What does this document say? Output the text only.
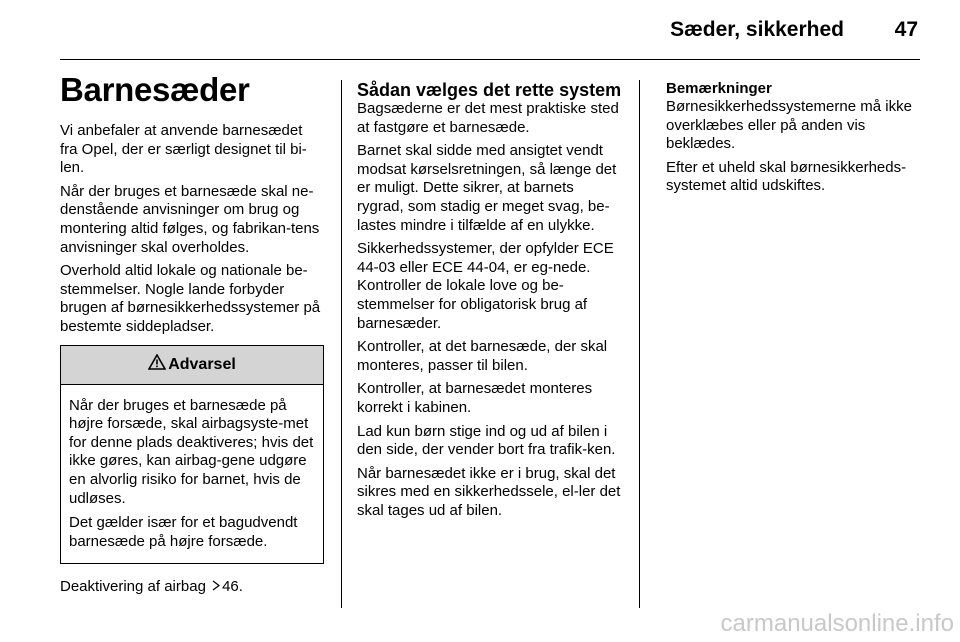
Sæder, sikkerhed 47
Barnesæder

Vi anbefaler at anvende barnesædet fra Opel, der er særligt designet til bi-len.

Når der bruges et barnesæde skal ne-denstående anvisninger om brug og montering altid følges, og fabrikan-tens anvisninger skal overholdes.

Overhold altid lokale og nationale be-stemmelser. Nogle lande forbyder brugen af børnesikkerhedssystemer på bestemte siddepladser.

Advarsel

Når der bruges et barnesæde på højre forsæde, skal airbagsyste-met for denne plads deaktiveres; hvis det ikke gøres, kan airbag-gene udgøre en alvorlig risiko for barnet, hvis de udløses.

Det gælder især for et bagudvendt barnesæde på højre forsæde.

Deaktivering af airbag 46.

Sådan vælges det rette system

Bagsæderne er det mest praktiske sted at fastgøre et barnesæde.

Barnet skal sidde med ansigtet vendt modsat kørselsretningen, så længe det er muligt. Dette sikrer, at barnets rygrad, som stadig er meget svag, be-lastes mindre i tilfælde af en ulykke.

Sikkerhedssystemer, der opfylder ECE 44-03 eller ECE 44-04, er eg-nede. Kontroller de lokale love og be-stemmelser for obligatorisk brug af barnesæder.

Kontroller, at det barnesæde, der skal monteres, passer til bilen.

Kontroller, at barnesædet monteres korrekt i kabinen.

Lad kun børn stige ind og ud af bilen i den side, der vender bort fra trafik-ken.

Når barnesædet ikke er i brug, skal det sikres med en sikkerhedssele, el-ler det skal tages ud af bilen.

Bemærkninger

Børnesikkerhedssystemerne må ikke overklæbes eller på anden vis beklædes.

Efter et uheld skal børnesikkerheds-systemet altid udskiftes.

carmanualsonline.info
